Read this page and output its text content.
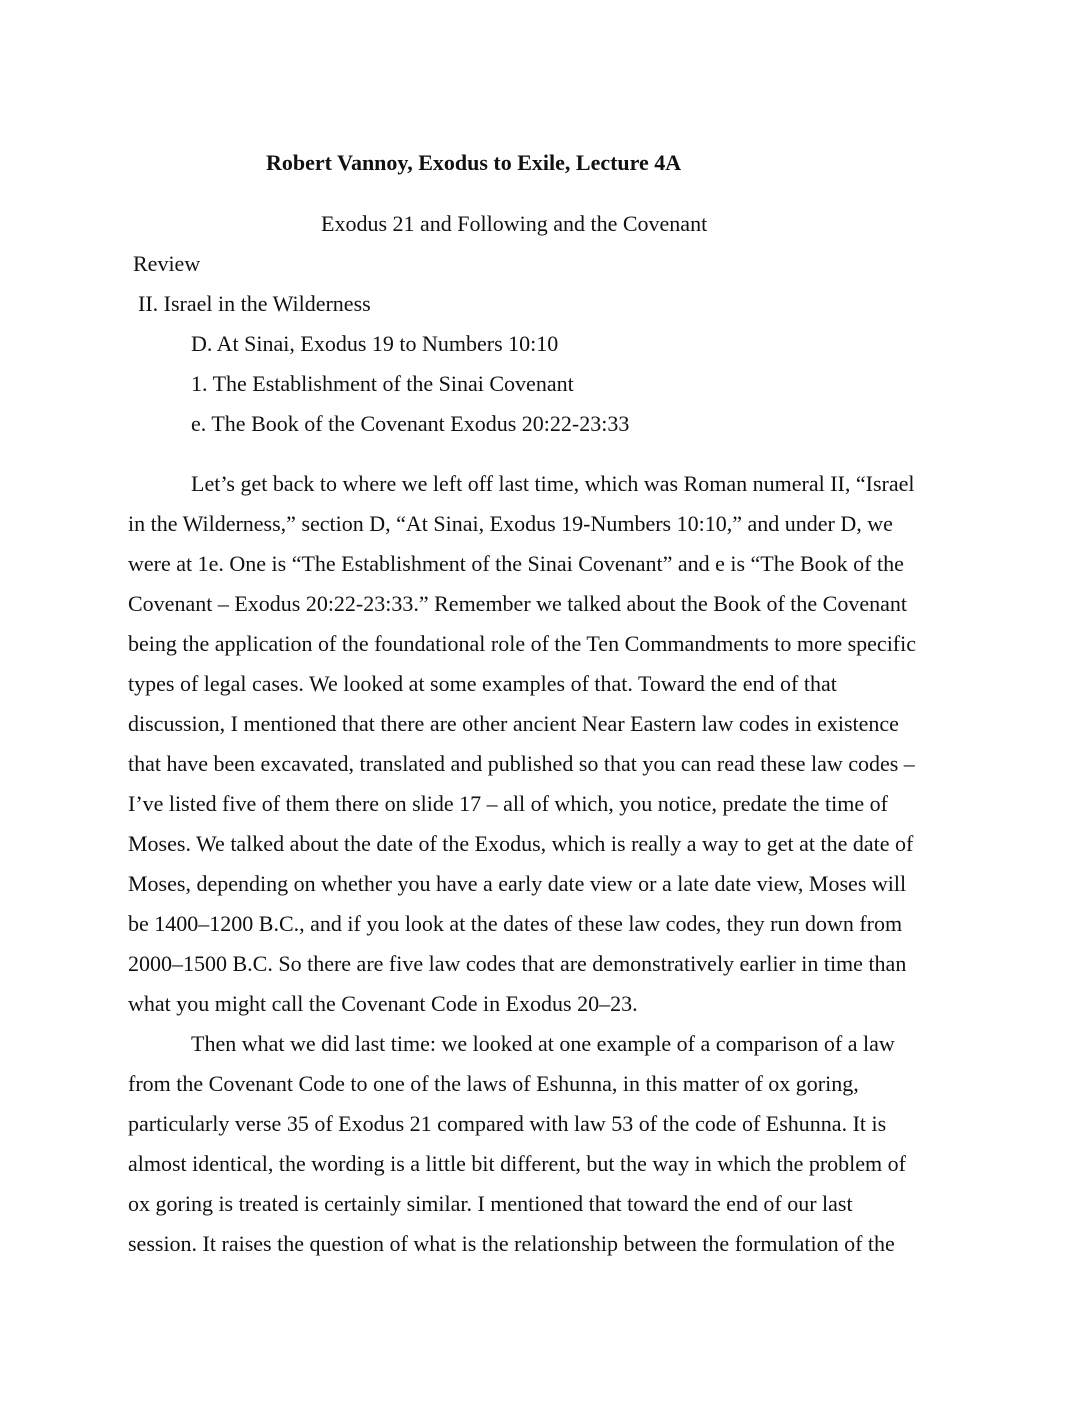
Robert Vannoy, Exodus to Exile, Lecture 4A
Exodus 21 and Following and the Covenant
Review
II. Israel in the Wilderness
D. At Sinai, Exodus 19 to Numbers 10:10
1. The Establishment of the Sinai Covenant
e. The Book of the Covenant Exodus 20:22-23:33
Let’s get back to where we left off last time, which was Roman numeral II, “Israel
in the Wilderness,” section D, “At Sinai, Exodus 19-Numbers 10:10,” and under D, we
were at 1e. One is “The Establishment of the Sinai Covenant” and e is “The Book of the
Covenant – Exodus 20:22-23:33.” Remember we talked about the Book of the Covenant
being the application of the foundational role of the Ten Commandments to more specific
types of legal cases. We looked at some examples of that. Toward the end of that
discussion, I mentioned that there are other ancient Near Eastern law codes in existence
that have been excavated, translated and published so that you can read these law codes –
I’ve listed five of them there on slide 17 – all of which, you notice, predate the time of
Moses. We talked about the date of the Exodus, which is really a way to get at the date of
Moses, depending on whether you have a early date view or a late date view, Moses will
be 1400–1200 B.C., and if you look at the dates of these law codes, they run down from
2000–1500 B.C. So there are five law codes that are demonstratively earlier in time than
what you might call the Covenant Code in Exodus 20–23.
Then what we did last time: we looked at one example of a comparison of a law
from the Covenant Code to one of the laws of Eshunna, in this matter of ox goring,
particularly verse 35 of Exodus 21 compared with law 53 of the code of Eshunna. It is
almost identical, the wording is a little bit different, but the way in which the problem of
ox goring is treated is certainly similar. I mentioned that toward the end of our last
session. It raises the question of what is the relationship between the formulation of the
